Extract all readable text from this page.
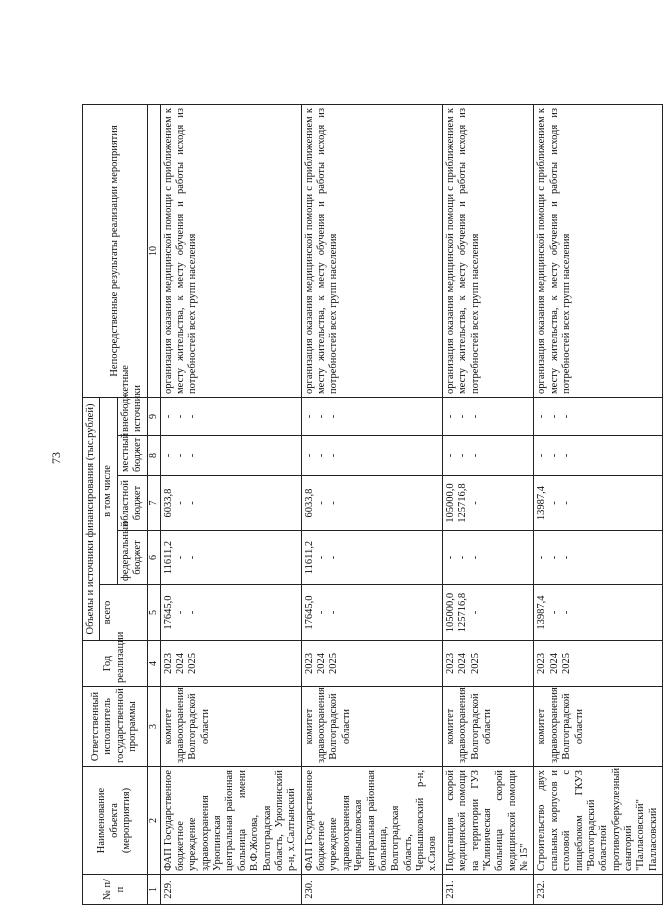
73
№ п/п	Наименование объекта (мероприятия)	Ответственный исполнитель государственной программы	Год реализации	Объемы и источники финансирования (тыс.рублей)					Непосредственные результаты реализации мероприятия
				всего	в том числе				
					федеральный бюджет	областной бюджет	местный бюджет	внебюджетные источники	
1	2	3	4	5	6	7	8	9	10
229.	ФАП Государственное бюджетное учреждение здравоохранения Урюпинская центральная районная больница имени В.Ф.Жогова, Волгоградская область, Урюпинский р-н, х.Салтынский	комитет здравоохранения Волгоградской области	2023 2024 2025	17645,0 - -	11611,2 - -	6033,8 - -	- - -	- - -	организация оказания медицинской помощи с приближением к месту жительства, к месту обучения и работы исходя из потребностей всех групп населения
230.	ФАП Государственное бюджетное учреждение здравоохранения Чернышковская центральная районная больница, Волгоградская область, Чернышковский р-н, х.Сизов	комитет здравоохранения Волгоградской области	2023 2024 2025	17645,0 - -	11611,2 - -	6033,8 - -	- - -	- - -	организация оказания медицинской помощи с приближением к месту жительства, к месту обучения и работы исходя из потребностей всех групп населения
231.	Подстанция скорой медицинской помощи на территории ГУЗ "Клиническая больница скорой медицинской помощи № 15"	комитет здравоохранения Волгоградской области	2023 2024 2025	105000,0 125716,8 -	- - -	105000,0 125716,8 -	- - -	- - -	организация оказания медицинской помощи с приближением к месту жительства, к месту обучения и работы исходя из потребностей всех групп населения
232.	Строительство двух спальных корпусов и столовой с пищеблоком ГКУЗ "Волгоградский областной противотуберкулезный санаторий "Палласовский" Палласовский	комитет здравоохранения Волгоградской области	2023 2024 2025	13987,4 - -	- - -	13987,4 - -	- - -	- - -	организация оказания медицинской помощи с приближением к месту жительства, к месту обучения и работы исходя из потребностей всех групп населения
